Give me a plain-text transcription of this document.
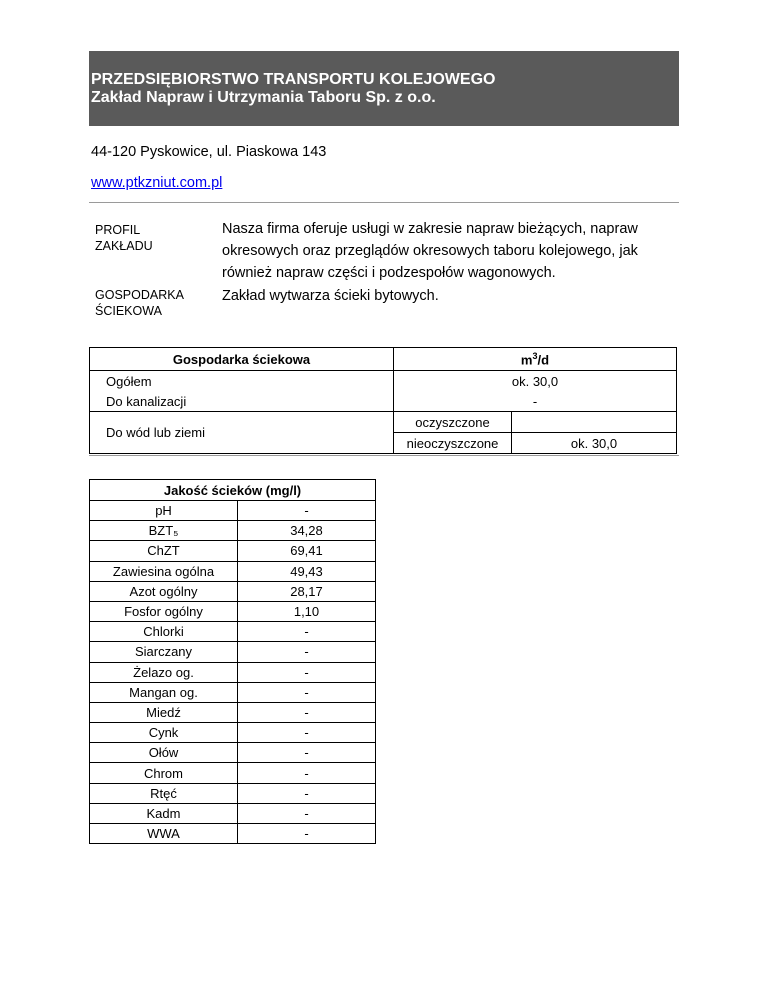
PRZEDSIĘBIORSTWO TRANSPORTU KOLEJOWEGO
Zakład Napraw i Utrzymania Taboru Sp. z o.o.
44-120 Pyskowice, ul. Piaskowa 143
www.ptkzniut.com.pl
PROFIL
ZAKŁADU
Nasza firma oferuje usługi w zakresie napraw bieżących, napraw okresowych oraz przeglądów okresowych taboru kolejowego, jak również napraw części i podzespołów wagonowych.
GOSPODARKA
ŚCIEKOWA
Zakład wytwarza ścieki bytowych.
Gospodarka ściekowa	$m^3/d$	
Ogółem	ok. 30,0	
Do kanalizacji	-	
Do wód lub ziemi	oczyszczone	
	nieoczyszczone	ok. 30,0
Jakość ścieków (mg/l)	
pH	-
BZT₅	34,28
ChZT	69,41
Zawiesina ogólna	49,43
Azot ogólny	28,17
Fosfor ogólny	1,10
Chlorki	-
Siarczany	-
Żelazo og.	-
Mangan og.	-
Miedź	-
Cynk	-
Ołów	-
Chrom	-
Rtęć	-
Kadm	-
WWA	-
